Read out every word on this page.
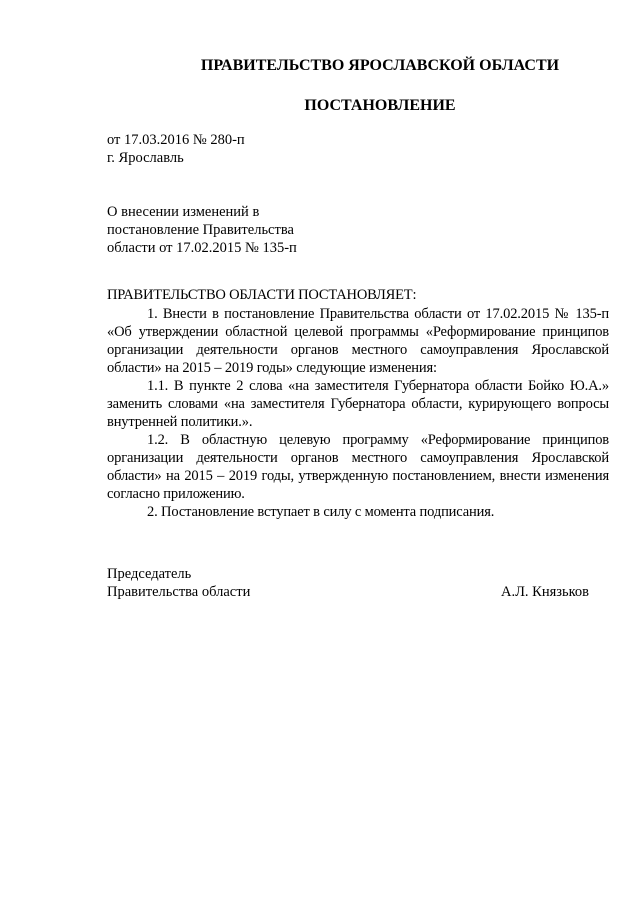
ПРАВИТЕЛЬСТВО ЯРОСЛАВСКОЙ ОБЛАСТИ
ПОСТАНОВЛЕНИЕ
от 17.03.2016 № 280-п
г. Ярославль
О внесении изменений в
постановление Правительства
области от 17.02.2015 № 135-п
ПРАВИТЕЛЬСТВО ОБЛАСТИ ПОСТАНОВЛЯЕТ:

1. Внести в постановление Правительства области от 17.02.2015 № 135-п «Об утверждении областной целевой программы «Реформирование принципов организации деятельности органов местного самоуправления Ярославской области» на 2015 – 2019 годы» следующие изменения:

1.1. В пункте 2 слова «на заместителя Губернатора области Бойко Ю.А.» заменить словами «на заместителя Губернатора области, курирующего вопросы внутренней политики.».

1.2. В областную целевую программу «Реформирование принципов организации деятельности органов местного самоуправления Ярославской области» на 2015 – 2019 годы, утвержденную постановлением, внести изменения согласно приложению.

2. Постановление вступает в силу с момента подписания.

Председатель
Правительства области	А.Л. Князьков
